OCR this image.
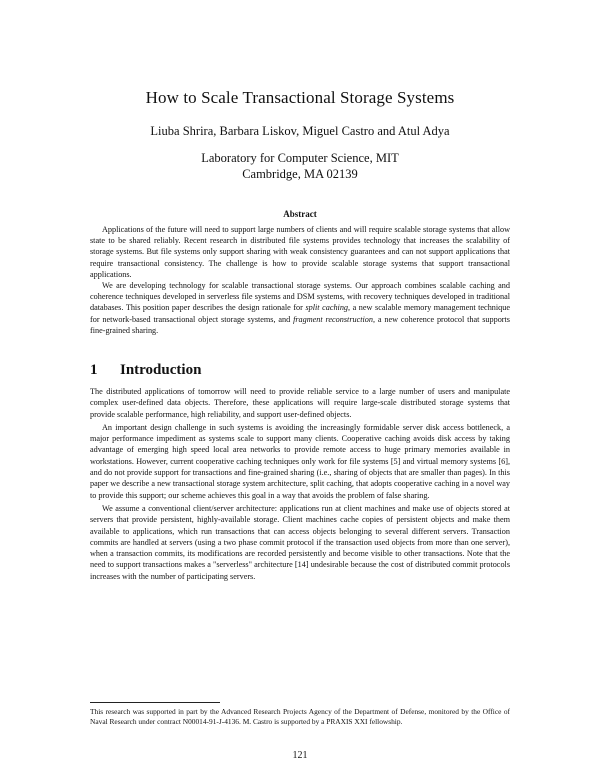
How to Scale Transactional Storage Systems
Liuba Shrira, Barbara Liskov, Miguel Castro and Atul Adya
Laboratory for Computer Science, MIT
Cambridge, MA 02139
Abstract

Applications of the future will need to support large numbers of clients and will require scalable storage systems that allow state to be shared reliably. Recent research in distributed file systems provides technology that increases the scalability of storage systems. But file systems only support sharing with weak consistency guarantees and can not support applications that require transactional consistency. The challenge is how to provide scalable storage systems that support transactional applications.

We are developing technology for scalable transactional storage systems. Our approach combines scalable caching and coherence techniques developed in serverless file systems and DSM systems, with recovery techniques developed in traditional databases. This position paper describes the design rationale for split caching, a new scalable memory management technique for network-based transactional object storage systems, and fragment reconstruction, a new coherence protocol that supports fine-grained sharing.

1 Introduction

The distributed applications of tomorrow will need to provide reliable service to a large number of users and manipulate complex user-defined data objects. Therefore, these applications will require large-scale distributed storage systems that provide scalable performance, high reliability, and support user-defined objects.

An important design challenge in such systems is avoiding the increasingly formidable server disk access bottleneck, a major performance impediment as systems scale to support many clients. Cooperative caching avoids disk access by taking advantage of emerging high speed local area networks to provide remote access to huge primary memories available in workstations. However, current cooperative caching techniques only work for file systems [5] and virtual memory systems [6], and do not provide support for transactions and fine-grained sharing (i.e., sharing of objects that are smaller than pages). In this paper we describe a new transactional storage system architecture, split caching, that adopts cooperative caching in a novel way to provide this support; our scheme achieves this goal in a way that avoids the problem of false sharing.

We assume a conventional client/server architecture: applications run at client machines and make use of objects stored at servers that provide persistent, highly-available storage. Client machines cache copies of persistent objects and make them available to applications, which run transactions that can access objects belonging to several different servers. Transaction commits are handled at servers (using a two phase commit protocol if the transaction used objects from more than one server), when a transaction commits, its modifications are recorded persistently and become visible to other transactions. Note that the need to support transactions makes a "serverless" architecture [14] undesirable because the cost of distributed commit protocols increases with the number of participating servers.

This research was supported in part by the Advanced Research Projects Agency of the Department of Defense, monitored by the Office of Naval Research under contract N00014-91-J-4136. M. Castro is supported by a PRAXIS XXI fellowship.
121
